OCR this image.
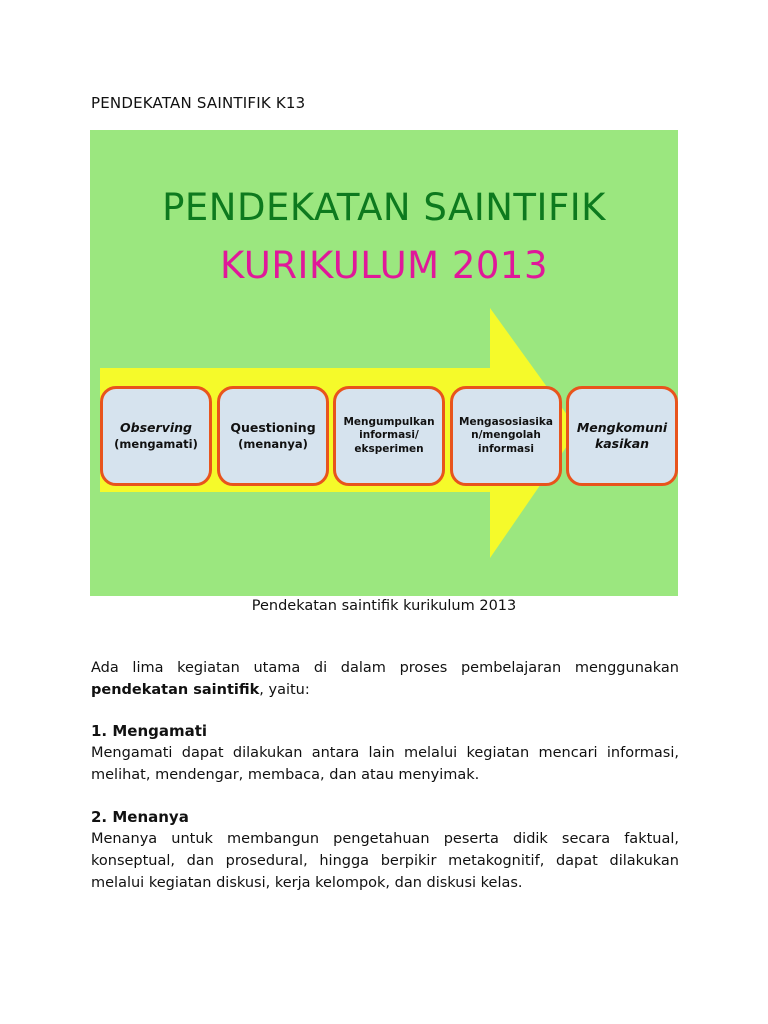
PENDEKATAN SAINTIFIK K13
PENDEKATAN SAINTIFIK
KURIKULUM 2013
Observing
(mengamati)
Questioning
(menanya)
Mengumpulkan
informasi/
eksperimen
Mengasosiasika
n/mengolah
informasi
Mengkomuni
kasikan

Pendekatan saintifik kurikulum 2013

Ada lima kegiatan utama di dalam proses pembelajaran menggunakan pendekatan saintifik, yaitu:

1. Mengamati

Mengamati dapat dilakukan antara lain melalui kegiatan mencari informasi, melihat, mendengar, membaca, dan atau menyimak.

2. Menanya

Menanya untuk membangun pengetahuan peserta didik secara faktual, konseptual, dan prosedural, hingga berpikir metakognitif, dapat dilakukan melalui kegiatan diskusi, kerja kelompok, dan diskusi kelas.
